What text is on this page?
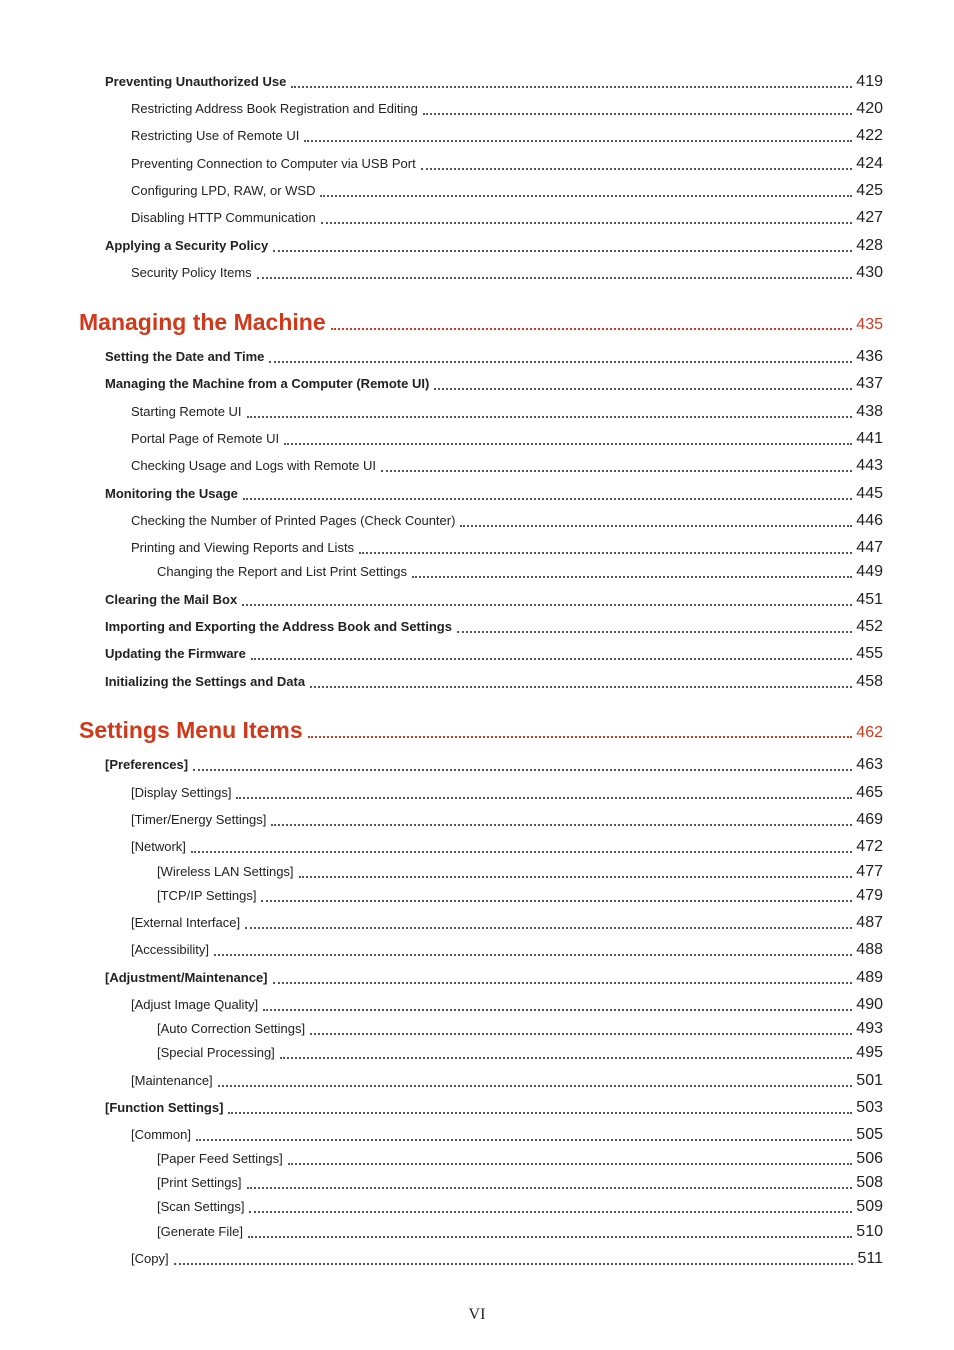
Preventing Unauthorized Use	419
Restricting Address Book Registration and Editing	420
Restricting Use of Remote UI	422
Preventing Connection to Computer via USB Port	424
Configuring LPD, RAW, or WSD	425
Disabling HTTP Communication	427
Applying a Security Policy	428
Security Policy Items	430
Managing the Machine	435
Setting the Date and Time	436
Managing the Machine from a Computer (Remote UI)	437
Starting Remote UI	438
Portal Page of Remote UI	441
Checking Usage and Logs with Remote UI	443
Monitoring the Usage	445
Checking the Number of Printed Pages (Check Counter)	446
Printing and Viewing Reports and Lists	447
Changing the Report and List Print Settings	449
Clearing the Mail Box	451
Importing and Exporting the Address Book and Settings	452
Updating the Firmware	455
Initializing the Settings and Data	458
Settings Menu Items	462
[Preferences]	463
[Display Settings]	465
[Timer/Energy Settings]	469
[Network]	472
[Wireless LAN Settings]	477
[TCP/IP Settings]	479
[External Interface]	487
[Accessibility]	488
[Adjustment/Maintenance]	489
[Adjust Image Quality]	490
[Auto Correction Settings]	493
[Special Processing]	495
[Maintenance]	501
[Function Settings]	503
[Common]	505
[Paper Feed Settings]	506
[Print Settings]	508
[Scan Settings]	509
[Generate File]	510
[Copy]	511
VI
